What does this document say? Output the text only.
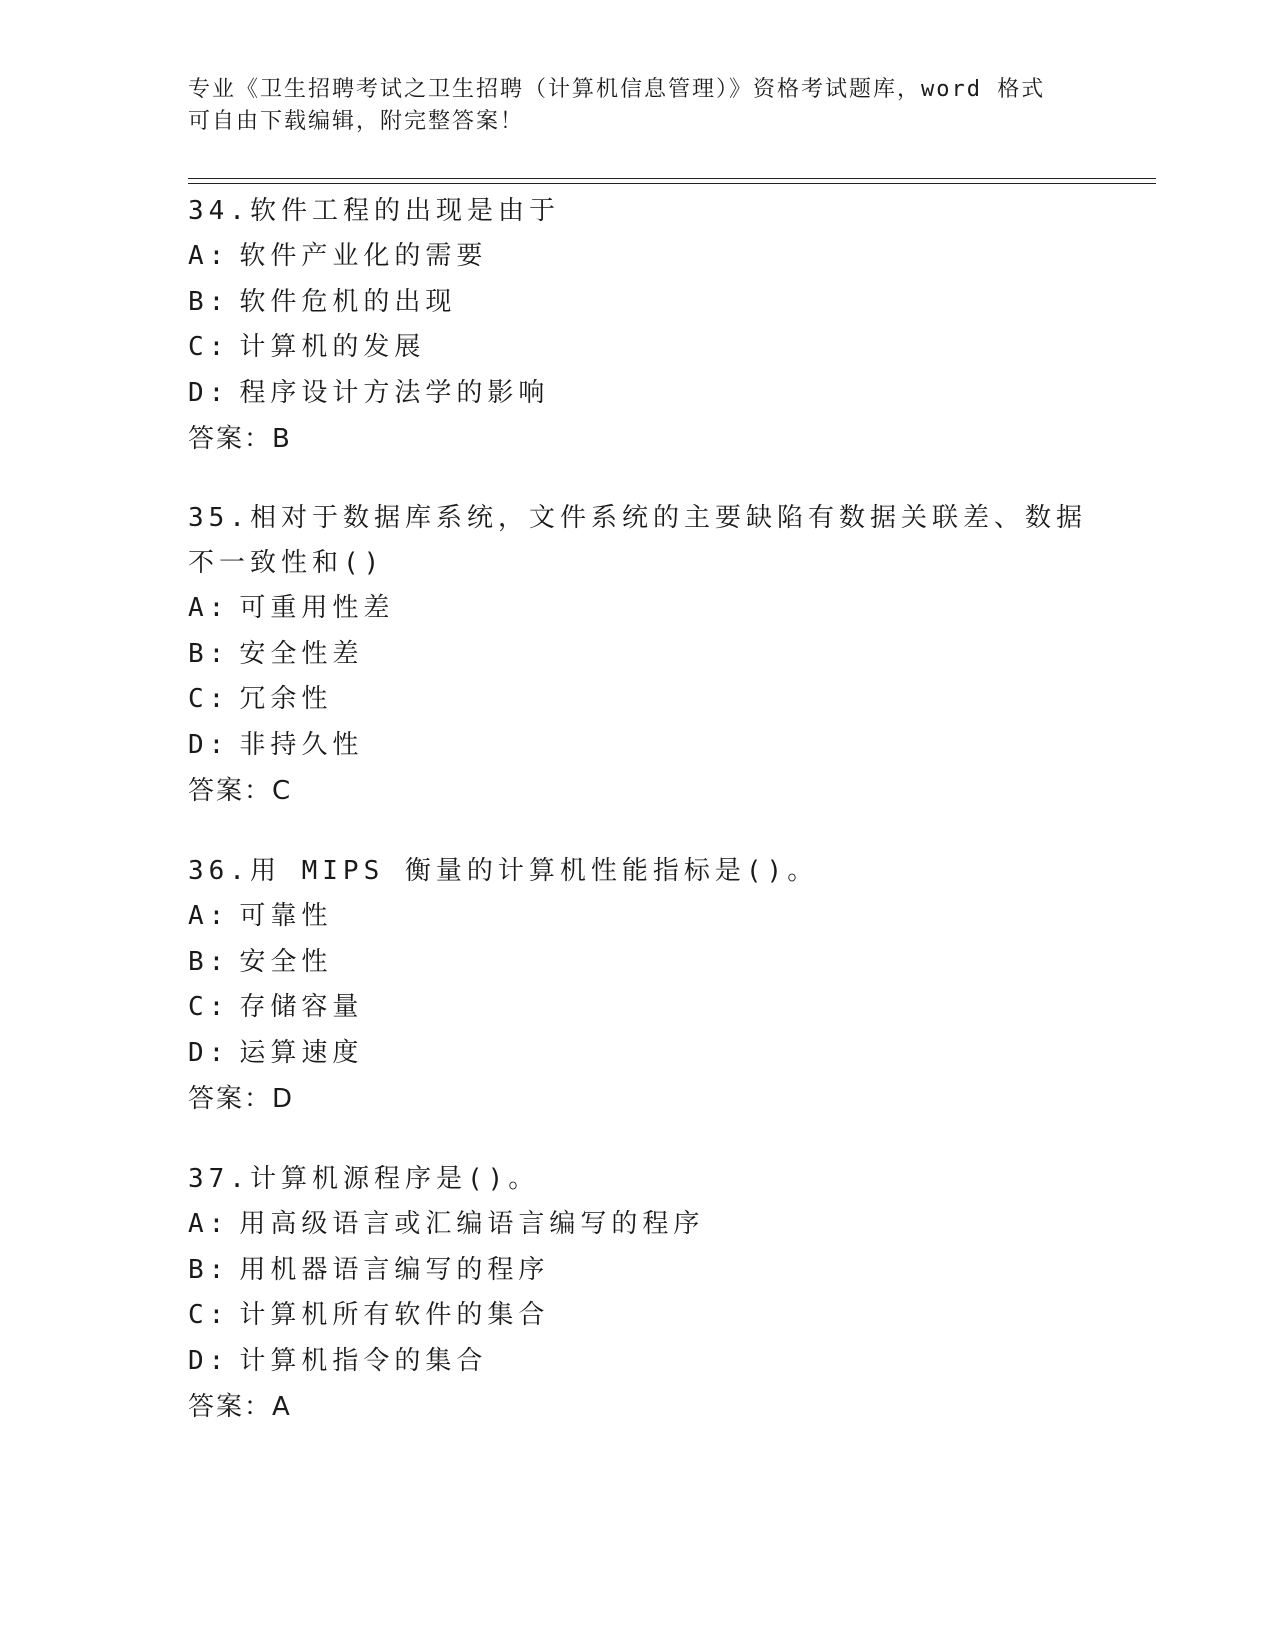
专业《卫生招聘考试之卫生招聘（计算机信息管理）》资格考试题库，word 格式
可自由下载编辑，附完整答案！
34.软件工程的出现是由于
A: 软件产业化的需要
B: 软件危机的出现
C: 计算机的发展
D: 程序设计方法学的影响
答案：B
35.相对于数据库系统，文件系统的主要缺陷有数据关联差、数据不一致性和()
A: 可重用性差
B: 安全性差
C: 冗余性
D: 非持久性
答案：C
36.用 MIPS 衡量的计算机性能指标是()。
A: 可靠性
B: 安全性
C: 存储容量
D: 运算速度
答案：D
37.计算机源程序是()。
A: 用高级语言或汇编语言编写的程序
B: 用机器语言编写的程序
C: 计算机所有软件的集合
D: 计算机指令的集合
答案：A
